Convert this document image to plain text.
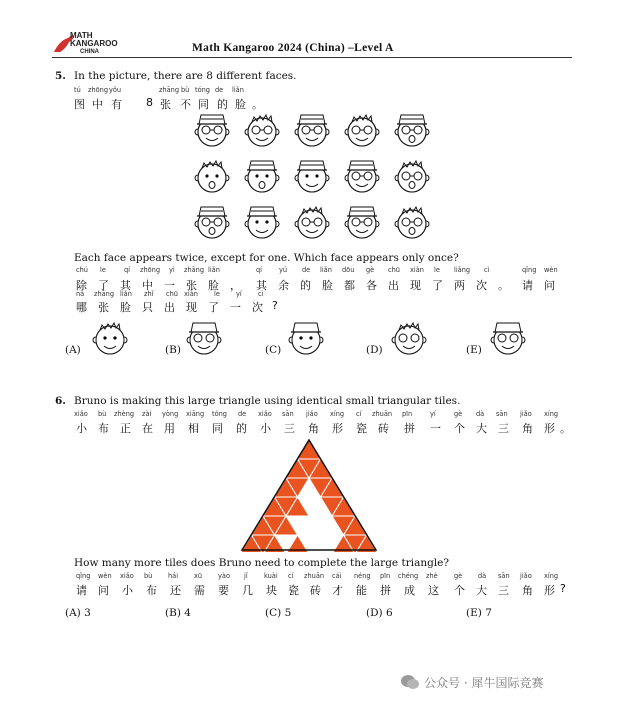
MATH
KANGAROO
CHINA	Math Kangaroo 2024 (China) –Level A
5. In the picture, there are 8 different faces.
tú zhōng yǒu	zhāng bù tóng de liǎn
图 中 有 8 张 不 同 的 脸 。
Each face appears twice, except for one. Which face appears only once?
chú le	qí zhōng yì zhāng liǎn	qí	yú de liǎn dōu gè chū xiàn le liǎng cì	qǐng wèn
除 了 其 中 一 张 脸 ， 其 余 的 脸 都 各 出 现 了 两 次 。 请 问
nǎ zhāng liǎn zhǐ chū xiàn le yí cì
哪 张 脸 只 出 现 了 一 次 ?
(A)	(B)	(C)	(D)	(E)
6. Bruno is making this large triangle using identical small triangular tiles.
xiǎo bù zhèng zài yòng xiāng tóng de xiǎo sān jiǎo xíng cí zhuān pīn	yí	gè dà sān jiǎo xíng
小 布 正 在 用 相 同 的 小 三 角 形 瓷 砖 拼 一 个 大 三 角 形 。
How many more tiles does Bruno need to complete the large triangle?
qǐng wèn xiǎo bù hái xū yào jǐ kuài cí zhuān cái néng pīn chéng zhè gè dà sān jiǎo xíng
请 问 小 布 还 需 要 几 块 瓷 砖 才 能 拼 成 这 个 大 三 角 形 ?
(A) 3	(B) 4	(C) 5	(D) 6	(E) 7
公众号 · 犀牛国际竞赛
